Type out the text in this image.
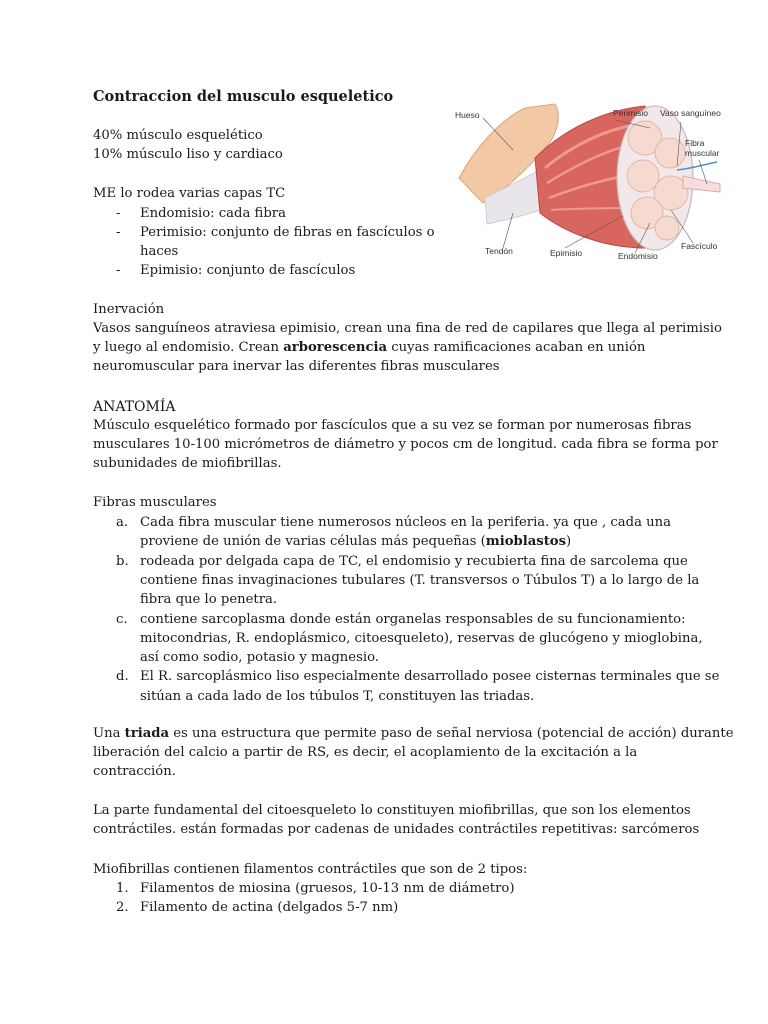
Contraccion del musculo esqueletico
40% músculo esquelético
10% músculo liso y cardiaco
ME lo rodea varias capas TC
- Endomisio: cada fibra
- Perimisio: conjunto de fibras en fascículos o
haces
- Epimisio: conjunto de fascículos
Hueso	Perimisio Vaso sanguíneo
Fibra muscular
Tendón	Epimisio	Endomisio
Fascículo
Inervación

Vasos sanguíneos atraviesa epimisio, crean una fina de red de capilares que llega al perimisio

y luego al endomisio. Crean arborescencia cuyas ramificaciones acaban en unión

neuromuscular para inervar las diferentes fibras musculares

ANATOMÍA

Músculo esquelético formado por fascículos que a su vez se forman por numerosas fibras

musculares 10-100 micrómetros de diámetro y pocos cm de longitud. cada fibra se forma por

subunidades de miofibrillas.

Fibras musculares
a. Cada fibra muscular tiene numerosos núcleos en la periferia. ya que , cada una
proviene de unión de varias células más pequeñas (mioblastos)
b. rodeada por delgada capa de TC, el endomisio y recubierta fina de sarcolema que
contiene finas invaginaciones tubulares (T. transversos o Túbulos T) a lo largo de la
fibra que lo penetra.
c. contiene sarcoplasma donde están organelas responsables de su funcionamiento:
mitocondrias, R. endoplásmico, citoesqueleto), reservas de glucógeno y mioglobina,
así como sodio, potasio y magnesio.
d. El R. sarcoplásmico liso especialmente desarrollado posee cisternas terminales que se
sitúan a cada lado de los túbulos T, constituyen las triadas.

Una triada es una estructura que permite paso de señal nerviosa (potencial de acción) durante

liberación del calcio a partir de RS, es decir, el acoplamiento de la excitación a la

contracción.

La parte fundamental del citoesqueleto lo constituyen miofibrillas, que son los elementos

contráctiles. están formadas por cadenas de unidades contráctiles repetitivas: sarcómeros

Miofibrillas contienen filamentos contráctiles que son de 2 tipos:
1. Filamentos de miosina (gruesos, 10-13 nm de diámetro)
2. Filamento de actina (delgados 5-7 nm)
